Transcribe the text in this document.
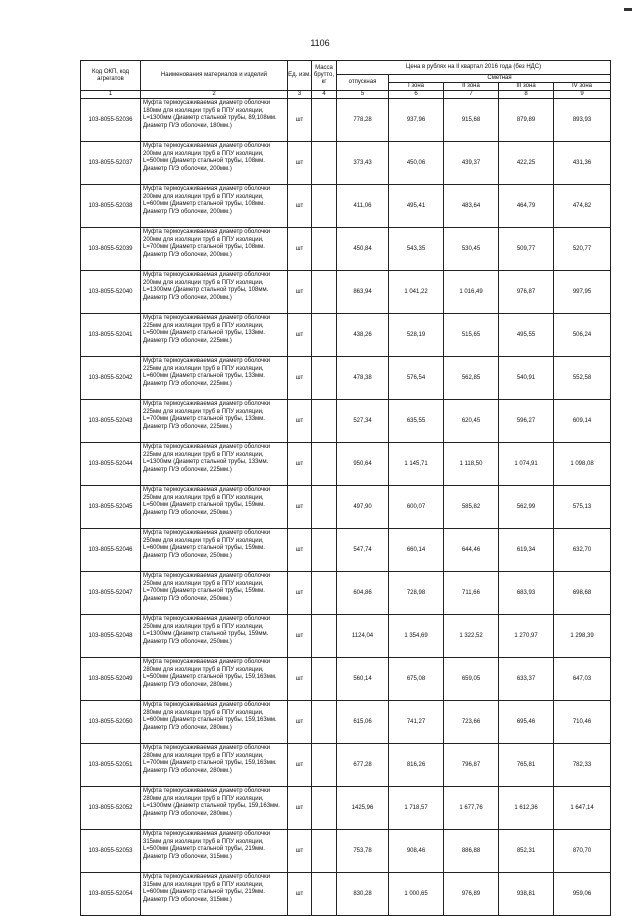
1106
Код ОКП, код агрегатов	Наименования материалов и изделий	Ед. изм.	Масса брутто, кг	Цена в рублях на II квартал 2016 года (без НДС)				
				отпускная	Сметная			
					I зона	II зона	III зона	IV зона
1	2	3	4	5	6	7	8	9
103-8055-52036	Муфта термоусаживаемая диаметр оболочки 180мм для изоляции труб в ППУ изоляции, L=1300мм (Диаметр стальной трубы, 89,108мм. Диаметр П/Э оболочки, 180мм.)	шт		778,28	937,96	915,68	879,89	893,93
103-8055-52037	Муфта термоусаживаемая диаметр оболочки 200мм для изоляции труб в ППУ изоляции, L=500мм (Диаметр стальной трубы, 108мм. Диаметр П/Э оболочки, 200мм.)	шт		373,43	450,06	439,37	422,25	431,36
103-8055-52038	Муфта термоусаживаемая диаметр оболочки 200мм для изоляции труб в ППУ изоляции, L=600мм (Диаметр стальной трубы, 108мм. Диаметр П/Э оболочки, 200мм.)	шт		411,06	495,41	483,64	464,79	474,82
103-8055-52039	Муфта термоусаживаемая диаметр оболочки 200мм для изоляции труб в ППУ изоляции, L=700мм (Диаметр стальной трубы, 108мм. Диаметр П/Э оболочки, 200мм.)	шт		450,84	543,35	530,45	509,77	520,77
103-8055-52040	Муфта термоусаживаемая диаметр оболочки 200мм для изоляции труб в ППУ изоляции, L=1300мм (Диаметр стальной трубы, 108мм. Диаметр П/Э оболочки, 200мм.)	шт		863,94	1 041,22	1 016,49	976,87	997,95
103-8055-52041	Муфта термоусаживаемая диаметр оболочки 225мм для изоляции труб в ППУ изоляции, L=500мм (Диаметр стальной трубы, 133мм. Диаметр П/Э оболочки, 225мм.)	шт		438,26	528,19	515,65	495,55	506,24
103-8055-52042	Муфта термоусаживаемая диаметр оболочки 225мм для изоляции труб в ППУ изоляции, L=600мм (Диаметр стальной трубы, 133мм. Диаметр П/Э оболочки, 225мм.)	шт		478,38	576,54	562,85	540,91	552,58
103-8055-52043	Муфта термоусаживаемая диаметр оболочки 225мм для изоляции труб в ППУ изоляции, L=700мм (Диаметр стальной трубы, 133мм. Диаметр П/Э оболочки, 225мм.)	шт		527,34	635,55	620,45	596,27	609,14
103-8055-52044	Муфта термоусаживаемая диаметр оболочки 225мм для изоляции труб в ППУ изоляции, L=1300мм (Диаметр стальной трубы, 133мм. Диаметр П/Э оболочки, 225мм.)	шт		950,64	1 145,71	1 118,50	1 074,91	1 098,08
103-8055-52045	Муфта термоусаживаемая диаметр оболочки 250мм для изоляции труб в ППУ изоляции, L=500мм (Диаметр стальной трубы, 159мм. Диаметр П/Э оболочки, 250мм.)	шт		497,90	600,07	585,82	562,99	575,13
103-8055-52046	Муфта термоусаживаемая диаметр оболочки 250мм для изоляции труб в ППУ изоляции, L=600мм (Диаметр стальной трубы, 159мм. Диаметр П/Э оболочки, 250мм.)	шт		547,74	660,14	644,46	619,34	632,70
103-8055-52047	Муфта термоусаживаемая диаметр оболочки 250мм для изоляции труб в ППУ изоляции, L=700мм (Диаметр стальной трубы, 159мм. Диаметр П/Э оболочки, 250мм.)	шт		604,86	728,98	711,66	683,93	698,68
103-8055-52048	Муфта термоусаживаемая диаметр оболочки 250мм для изоляции труб в ППУ изоляции, L=1300мм (Диаметр стальной трубы, 159мм. Диаметр П/Э оболочки, 250мм.)	шт		1124,04	1 354,69	1 322,52	1 270,97	1 298,39
103-8055-52049	Муфта термоусаживаемая диаметр оболочки 280мм для изоляции труб в ППУ изоляции, L=500мм (Диаметр стальной трубы, 159,163мм. Диаметр П/Э оболочки, 280мм.)	шт		560,14	675,08	659,05	633,37	647,03
103-8055-52050	Муфта термоусаживаемая диаметр оболочки 280мм для изоляции труб в ППУ изоляции, L=600мм (Диаметр стальной трубы, 159,163мм. Диаметр П/Э оболочки, 280мм.)	шт		615,06	741,27	723,66	695,46	710,46
103-8055-52051	Муфта термоусаживаемая диаметр оболочки 280мм для изоляции труб в ППУ изоляции, L=700мм (Диаметр стальной трубы, 159,163мм. Диаметр П/Э оболочки, 280мм.)	шт		677,28	816,26	796,87	765,81	782,33
103-8055-52052	Муфта термоусаживаемая диаметр оболочки 280мм для изоляции труб в ППУ изоляции, L=1300мм (Диаметр стальной трубы, 159,163мм. Диаметр П/Э оболочки, 280мм.)	шт		1425,96	1 718,57	1 677,76	1 612,36	1 647,14
103-8055-52053	Муфта термоусаживаемая диаметр оболочки 315мм для изоляции труб в ППУ изоляции, L=500мм (Диаметр стальной трубы, 219мм. Диаметр П/Э оболочки, 315мм.)	шт		753,78	908,46	886,88	852,31	870,70
103-8055-52054	Муфта термоусаживаемая диаметр оболочки 315мм для изоляции труб в ППУ изоляции, L=600мм (Диаметр стальной трубы, 219мм. Диаметр П/Э оболочки, 315мм.)	шт		830,28	1 000,65	976,89	938,81	959,06
